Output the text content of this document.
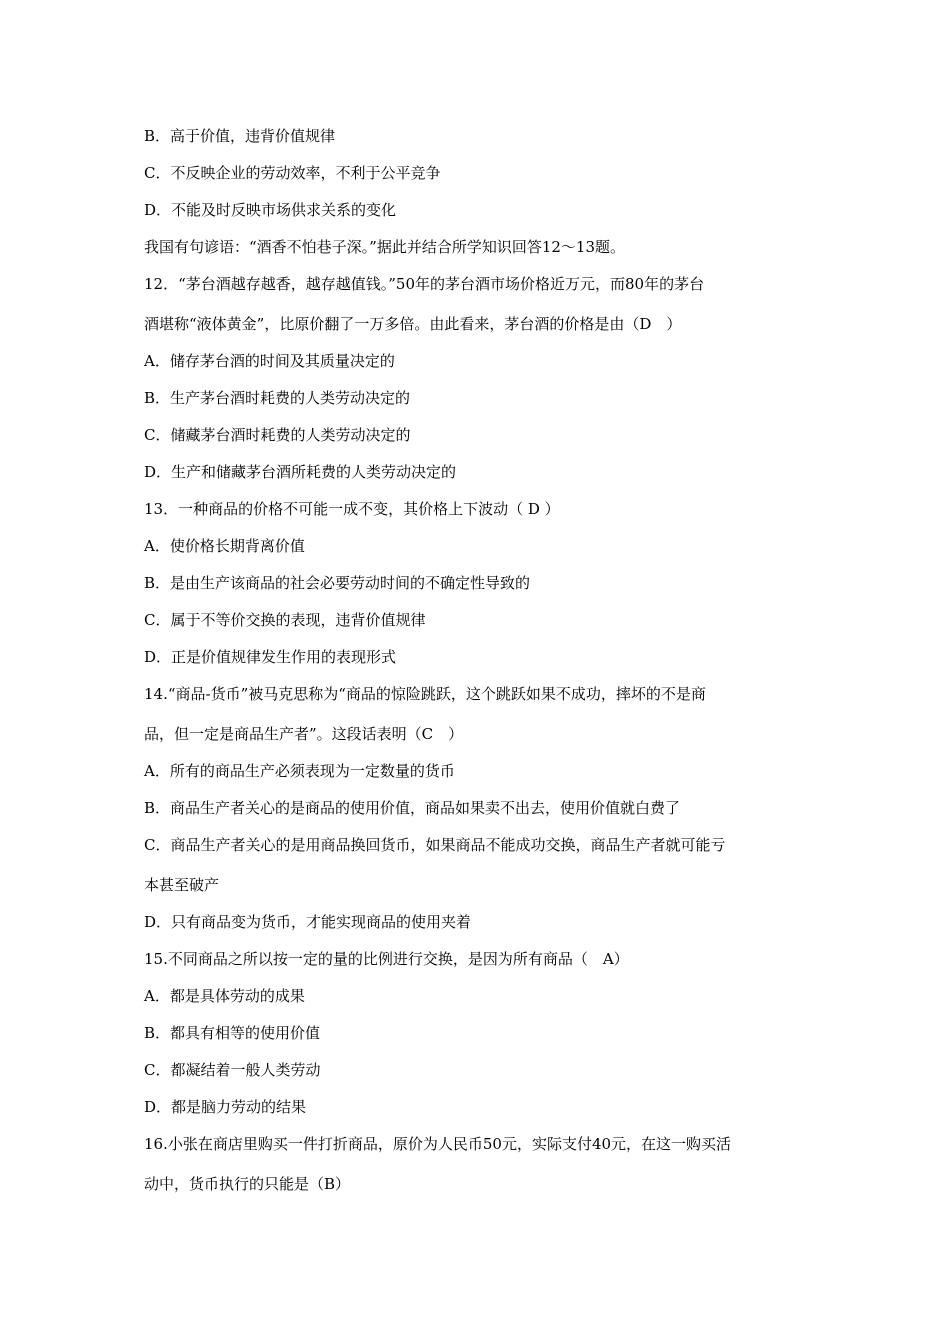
B．高于价值，违背价值规律
C．不反映企业的劳动效率，不利于公平竞争
D．不能及时反映市场供求关系的变化
我国有句谚语：“酒香不怕巷子深。”据此并结合所学知识回答12～13题。
12．“茅台酒越存越香，越存越值钱。”50年的茅台酒市场价格近万元，而80年的茅台
酒堪称“液体黄金”，比原价翻了一万多倍。由此看来，茅台酒的价格是由（D　）
A．储存茅台酒的时间及其质量决定的
B．生产茅台酒时耗费的人类劳动决定的
C．储藏茅台酒时耗费的人类劳动决定的
D．生产和储藏茅台酒所耗费的人类劳动决定的
13．一种商品的价格不可能一成不变，其价格上下波动（ D ）
A．使价格长期背离价值
B．是由生产该商品的社会必要劳动时间的不确定性导致的
C．属于不等价交换的表现，违背价值规律
D．正是价值规律发生作用的表现形式
14.“商品-货币”被马克思称为“商品的惊险跳跃，这个跳跃如果不成功，摔坏的不是商
品，但一定是商品生产者”。这段话表明（C　）
A．所有的商品生产必须表现为一定数量的货币
B．商品生产者关心的是商品的使用价值，商品如果卖不出去，使用价值就白费了
C．商品生产者关心的是用商品换回货币，如果商品不能成功交换，商品生产者就可能亏
本甚至破产
D．只有商品变为货币，才能实现商品的使用夹着
15.不同商品之所以按一定的量的比例进行交换，是因为所有商品（　A）
A．都是具体劳动的成果
B．都具有相等的使用价值
C．都凝结着一般人类劳动
D．都是脑力劳动的结果
16.小张在商店里购买一件打折商品，原价为人民币50元，实际支付40元，在这一购买活
动中，货币执行的只能是（B）
